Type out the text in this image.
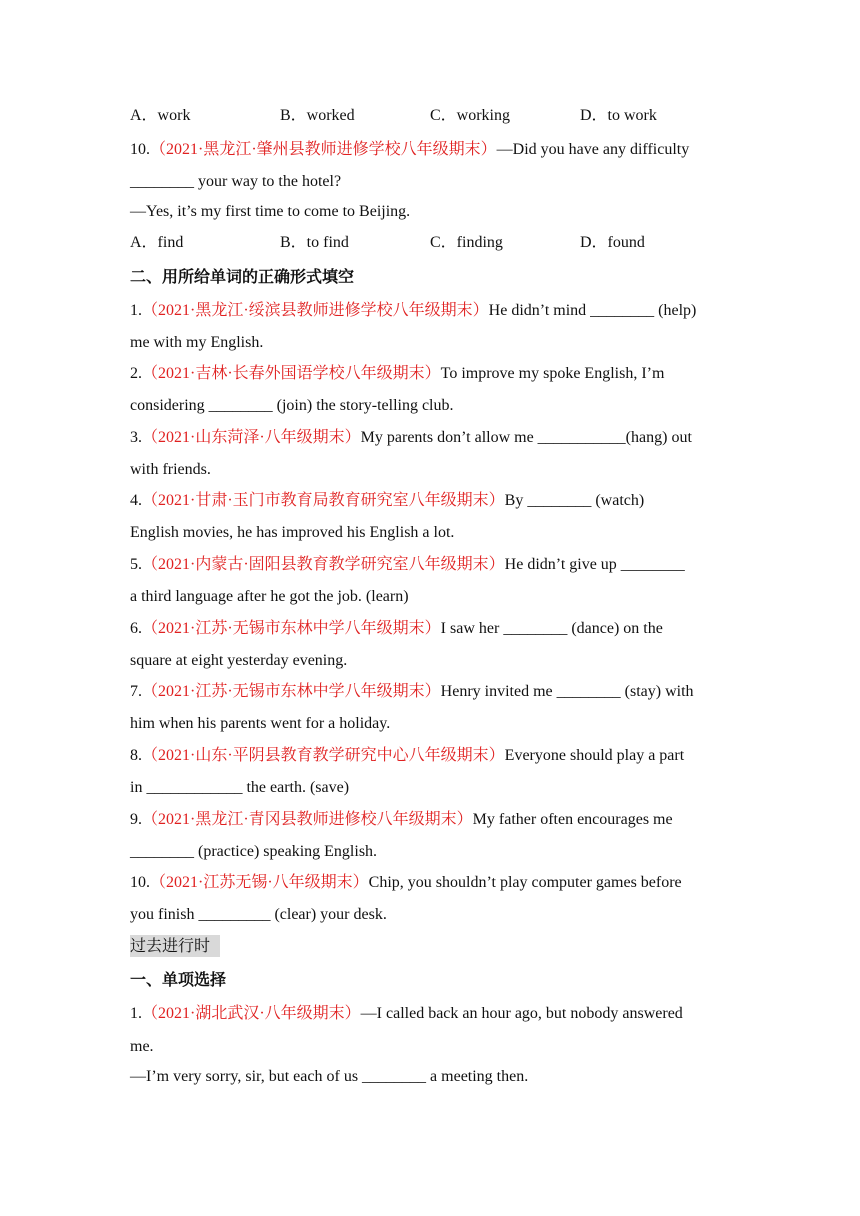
A．work	B．worked	C．working	D．to work
10.（2021·黑龙江·肇州县教师进修学校八年级期末）—Did you have any difficulty
________ your way to the hotel?
—Yes, it’s my first time to come to Beijing.
A．find	B．to find	C．finding	D．found
二、用所给单词的正确形式填空
1.（2021·黑龙江·绥滨县教师进修学校八年级期末）He didn’t mind ________ (help)
me with my English.
2.（2021·吉林·长春外国语学校八年级期末）To improve my spoke English, I’m
considering ________ (join) the story-telling club.
3.（2021·山东菏泽·八年级期末）My parents don’t allow me ___________(hang) out
with friends.
4.（2021·甘肃·玉门市教育局教育研究室八年级期末）By ________ (watch)
English movies, he has improved his English a lot.
5.（2021·内蒙古·固阳县教育教学研究室八年级期末）He didn’t give up ________
a third language after he got the job. (learn)
6.（2021·江苏·无锡市东林中学八年级期末）I saw her ________ (dance) on the
square at eight yesterday evening.
7.（2021·江苏·无锡市东林中学八年级期末）Henry invited me ________ (stay) with
him when his parents went for a holiday.
8.（2021·山东·平阴县教育教学研究中心八年级期末）Everyone should play a part
in ____________ the earth. (save)
9.（2021·黑龙江·青冈县教师进修校八年级期末）My father often encourages me
________ (practice) speaking English.
10.（2021·江苏无锡·八年级期末）Chip, you shouldn’t play computer games before
you finish _________ (clear) your desk.
过去进行时
一、单项选择
1.（2021·湖北武汉·八年级期末）—I called back an hour ago, but nobody answered
me.
—I’m very sorry, sir, but each of us ________ a meeting then.
